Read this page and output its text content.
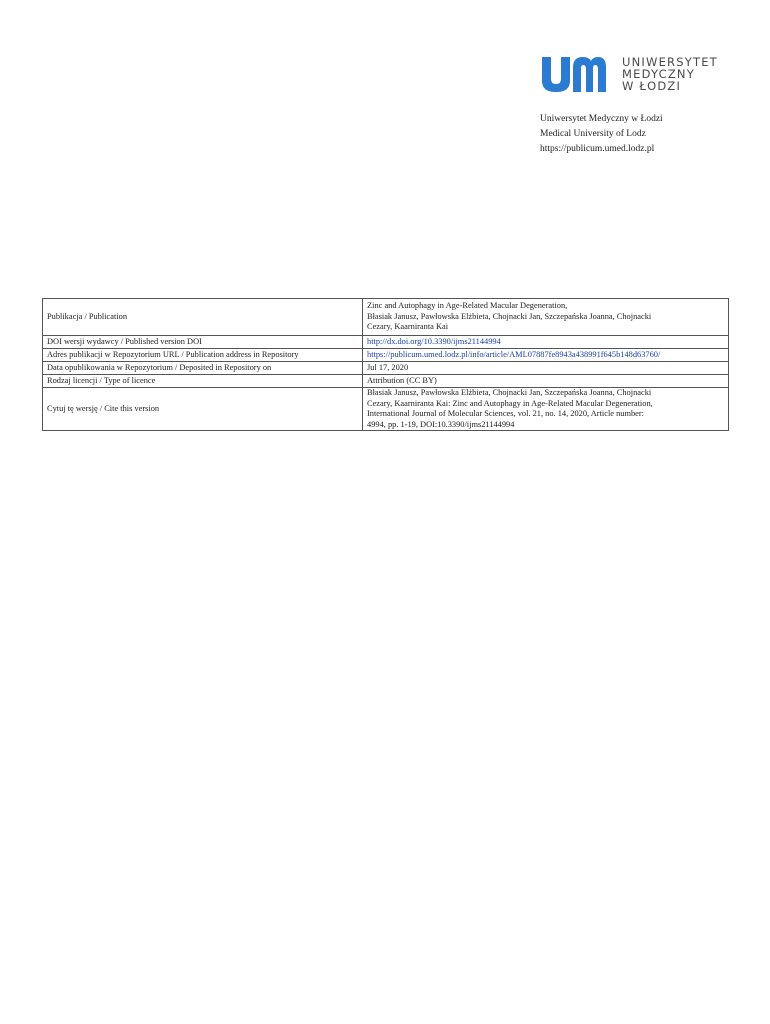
UNIWERSYTET
MEDYCZNY
W ŁODZI
Uniwersytet Medyczny w Łodzi
Medical University of Lodz
https://publicum.umed.lodz.pl
Publikacja / Publication	Zinc and Autophagy in Age-Related Macular Degeneration,
Błasiak Janusz, Pawłowska Elżbieta, Chojnacki Jan, Szczepańska Joanna, Chojnacki
Cezary, Kaarniranta Kai

DOI wersji wydawcy / Published version DOI	http://dx.doi.org/10.3390/ijms21144994
Adres publikacji w Repozytorium URL / Publication address in Repository	https://publicum.umed.lodz.pl/info/article/AML07887fe8943a438991f645b148d63760/
Data opublikowania w Repozytorium / Deposited in Repository on	Jul 17, 2020
Rodzaj licencji / Type of licence	Attribution (CC BY)
Cytuj tę wersję / Cite this version	Błasiak Janusz, Pawłowska Elżbieta, Chojnacki Jan, Szczepańska Joanna, Chojnacki
Cezary, Kaarniranta Kai: Zinc and Autophagy in Age-Related Macular Degeneration,
International Journal of Molecular Sciences, vol. 21, no. 14, 2020, Article number:
4994, pp. 1-19, DOI:10.3390/ijms21144994
